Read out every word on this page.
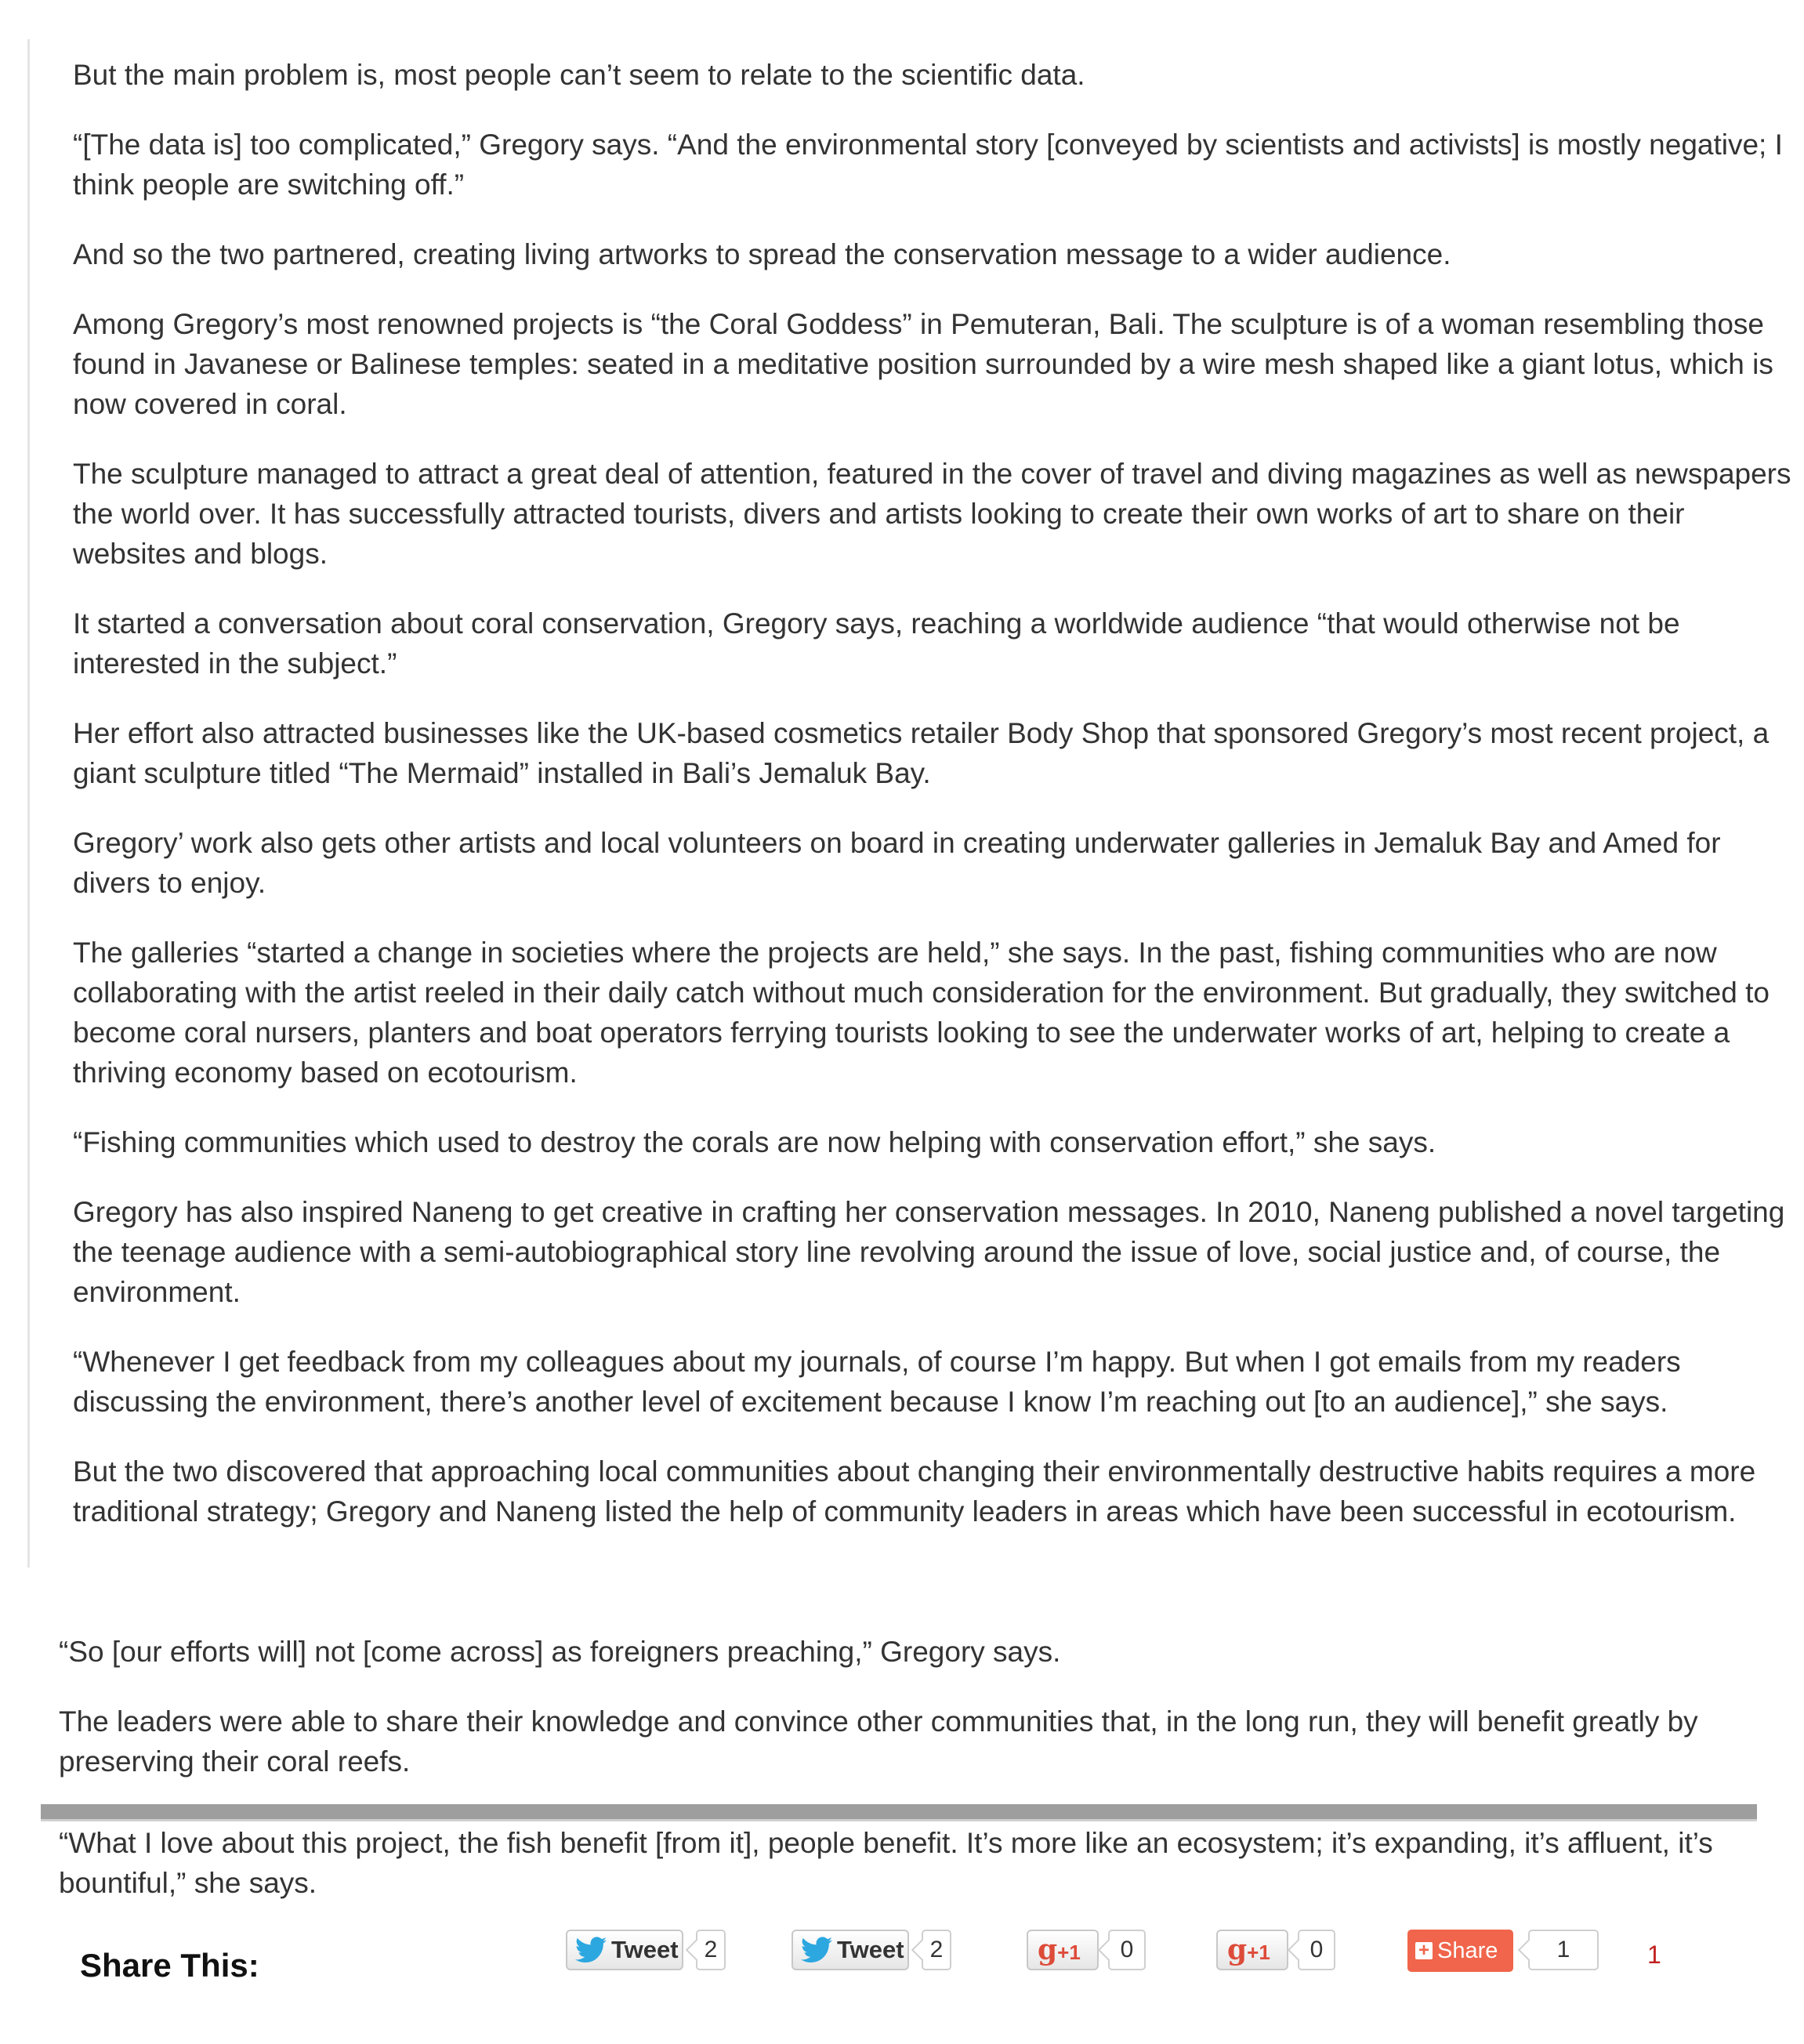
But the main problem is, most people can’t seem to relate to the scientific data.

“[The data is] too complicated,” Gregory says. “And the environmental story [conveyed by scientists and activists] is mostly negative; I think people are switching off.”

And so the two partnered, creating living artworks to spread the conservation message to a wider audience.

Among Gregory’s most renowned projects is “the Coral Goddess” in Pemuteran, Bali. The sculpture is of a woman resembling those found in Javanese or Balinese temples: seated in a meditative position surrounded by a wire mesh shaped like a giant lotus, which is now covered in coral.

The sculpture managed to attract a great deal of attention, featured in the cover of travel and diving magazines as well as newspapers the world over. It has successfully attracted tourists, divers and artists looking to create their own works of art to share on their websites and blogs.

It started a conversation about coral conservation, Gregory says, reaching a worldwide audience “that would otherwise not be interested in the subject.”

Her effort also attracted businesses like the UK-based cosmetics retailer Body Shop that sponsored Gregory’s most recent project, a giant sculpture titled “The Mermaid” installed in Bali’s Jemaluk Bay.

Gregory’ work also gets other artists and local volunteers on board in creating underwater galleries in Jemaluk Bay and Amed for divers to enjoy.

The galleries “started a change in societies where the projects are held,” she says. In the past, fishing communities who are now collaborating with the artist reeled in their daily catch without much consideration for the environment. But gradually, they switched to become coral nursers, planters and boat operators ferrying tourists looking to see the underwater works of art, helping to create a thriving economy based on ecotourism.

“Fishing communities which used to destroy the corals are now helping with conservation effort,” she says.

Gregory has also inspired Naneng to get creative in crafting her conservation messages. In 2010, Naneng published a novel targeting the teenage audience with a semi-autobiographical story line revolving around the issue of love, social justice and, of course, the environment.

“Whenever I get feedback from my colleagues about my journals, of course I’m happy. But when I got emails from my readers discussing the environment, there’s another level of excitement because I know I’m reaching out [to an audience],” she says.

But the two discovered that approaching local communities about changing their environmentally destructive habits requires a more traditional strategy; Gregory and Naneng listed the help of community leaders in areas which have been successful in ecotourism.

“So [our efforts will] not [come across] as foreigners preaching,” Gregory says.

The leaders were able to share their knowledge and convince other communities that, in the long run, they will benefit greatly by preserving their coral reefs.

“What I love about this project, the fish benefit [from it], people benefit. It’s more like an ecosystem; it’s expanding, it’s affluent, it’s bountiful,” she says.

Share This:	Tweet 2	Tweet 2	g+1 0	g+1 0	+ Share	1	1
